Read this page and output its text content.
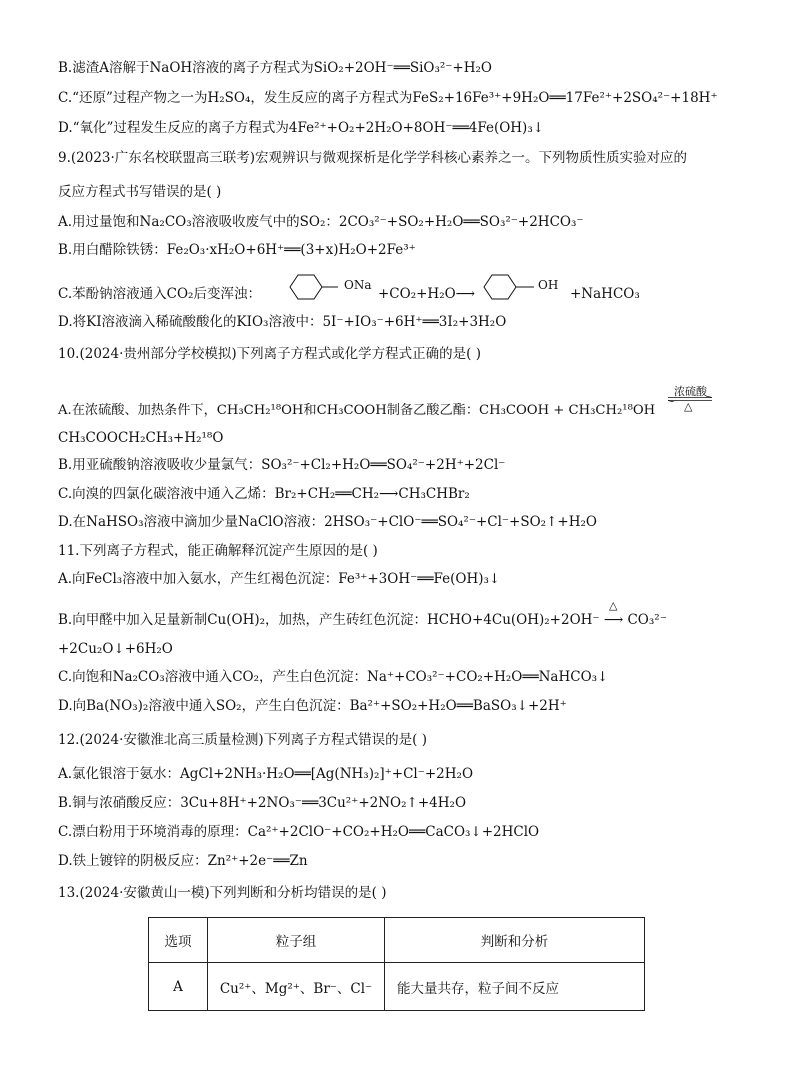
B.滤渣A溶解于NaOH溶液的离子方程式为SiO₂+2OH⁻══SiO₃²⁻+H₂O
C.“还原”过程产物之一为H₂SO₄，发生反应的离子方程式为FeS₂+16Fe³⁺+9H₂O══17Fe²⁺+2SO₄²⁻+18H⁺
D.“氧化”过程发生反应的离子方程式为4Fe²⁺+O₂+2H₂O+8OH⁻══4Fe(OH)₃↓
9.(2023·广东名校联盟高三联考)宏观辨识与微观探析是化学学科核心素养之一。下列物质性质实验对应的
反应方程式书写错误的是( )
A.用过量饱和Na₂CO₃溶液吸收废气中的SO₂：2CO₃²⁻+SO₂+H₂O══SO₃²⁻+2HCO₃⁻
B.用白醋除铁锈：Fe₂O₃·xH₂O+6H⁺══(3+x)H₂O+2Fe³⁺
C.苯酚钠溶液通入CO₂后变浑浊：
ONa
+CO₂+H₂O⟶
OH
+NaHCO₃
D.将KI溶液滴入稀硫酸酸化的KIO₃溶液中：5I⁻+IO₃⁻+6H⁺══3I₂+3H₂O
10.(2024·贵州部分学校模拟)下列离子方程式或化学方程式正确的是( )
浓硫酸
△
A.在浓硫酸、加热条件下，CH₃CH₂¹⁸OH和CH₃COOH制备乙酸乙酯：CH₃COOH + CH₃CH₂¹⁸OH
CH₃COOCH₂CH₃+H₂¹⁸O
B.用亚硫酸钠溶液吸收少量氯气：SO₃²⁻+Cl₂+H₂O══SO₄²⁻+2H⁺+2Cl⁻
C.向溴的四氯化碳溶液中通入乙烯：Br₂+CH₂══CH₂⟶CH₃CHBr₂
D.在NaHSO₃溶液中滴加少量NaClO溶液：2HSO₃⁻+ClO⁻══SO₄²⁻+Cl⁻+SO₂↑+H₂O
11.下列离子方程式，能正确解释沉淀产生原因的是( )
A.向FeCl₃溶液中加入氨水，产生红褐色沉淀：Fe³⁺+3OH⁻══Fe(OH)₃↓
△
B.向甲醛中加入足量新制Cu(OH)₂，加热，产生砖红色沉淀：HCHO+4Cu(OH)₂+2OH⁻ ⟶ CO₃²⁻
+2Cu₂O↓+6H₂O
C.向饱和Na₂CO₃溶液中通入CO₂，产生白色沉淀：Na⁺+CO₃²⁻+CO₂+H₂O══NaHCO₃↓
D.向Ba(NO₃)₂溶液中通入SO₂，产生白色沉淀：Ba²⁺+SO₂+H₂O══BaSO₃↓+2H⁺
12.(2024·安徽淮北高三质量检测)下列离子方程式错误的是( )
A.氯化银溶于氨水：AgCl+2NH₃·H₂O══[Ag(NH₃)₂]⁺+Cl⁻+2H₂O
B.铜与浓硝酸反应：3Cu+8H⁺+2NO₃⁻══3Cu²⁺+2NO₂↑+4H₂O
C.漂白粉用于环境消毒的原理：Ca²⁺+2ClO⁻+CO₂+H₂O══CaCO₃↓+2HClO
D.铁上镀锌的阴极反应：Zn²⁺+2e⁻══Zn
13.(2024·安徽黄山一模)下列判断和分析均错误的是( )
选项	粒子组	判断和分析
A	Cu²⁺、Mg²⁺、Br⁻、Cl⁻	能大量共存，粒子间不反应
